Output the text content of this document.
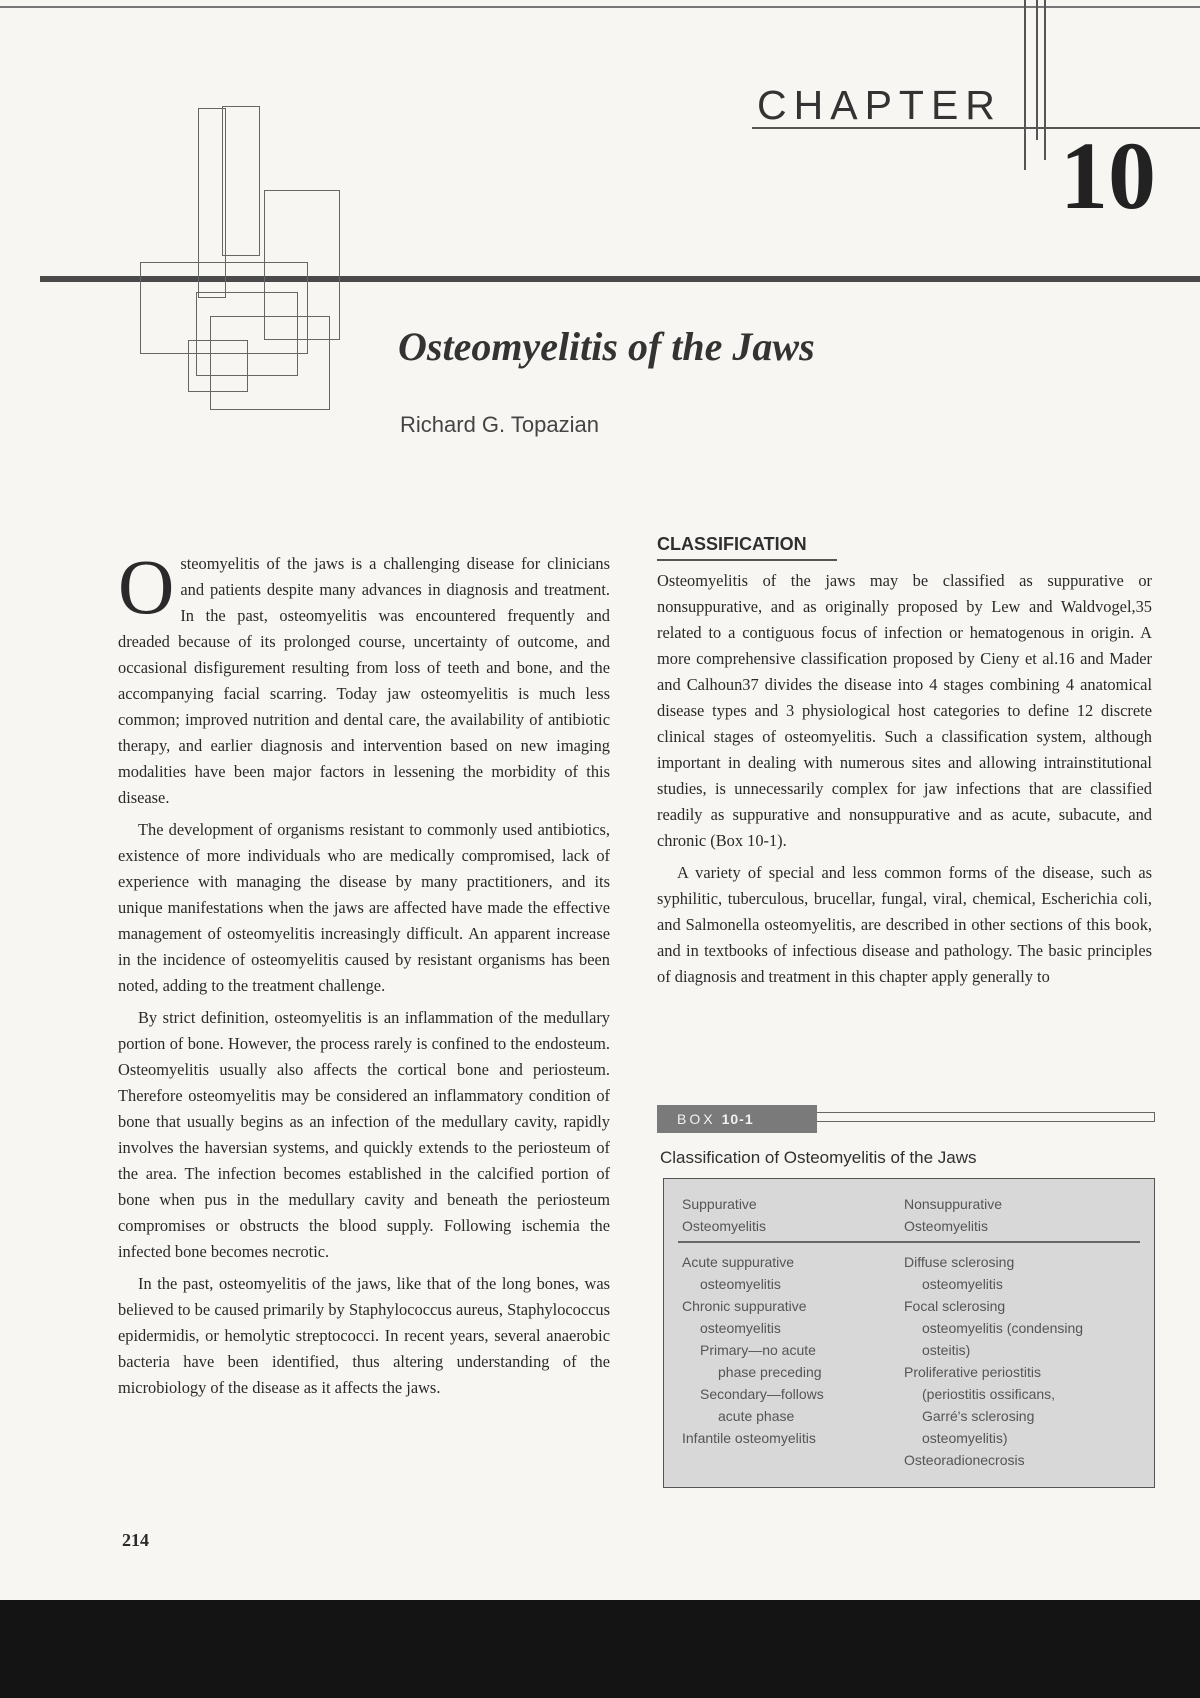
CHAPTER
10
Osteomyelitis of the Jaws
Richard G. Topazian

Osteomyelitis of the jaws is a challenging disease for clinicians and patients despite many advances in diagnosis and treatment. In the past, osteomyelitis was encountered frequently and dreaded because of its prolonged course, uncertainty of outcome, and occasional disfigurement resulting from loss of teeth and bone, and the accompanying facial scarring. Today jaw osteomyelitis is much less common; improved nutrition and dental care, the availability of antibiotic therapy, and earlier diagnosis and intervention based on new imaging modalities have been major factors in lessening the morbidity of this disease.

The development of organisms resistant to commonly used antibiotics, existence of more individuals who are medically compromised, lack of experience with managing the disease by many practitioners, and its unique manifestations when the jaws are affected have made the effective management of osteomyelitis increasingly difficult. An apparent increase in the incidence of osteomyelitis caused by resistant organisms has been noted, adding to the treatment challenge.

By strict definition, osteomyelitis is an inflammation of the medullary portion of bone. However, the process rarely is confined to the endosteum. Osteomyelitis usually also affects the cortical bone and periosteum. Therefore osteomyelitis may be considered an inflammatory condition of bone that usually begins as an infection of the medullary cavity, rapidly involves the haversian systems, and quickly extends to the periosteum of the area. The infection becomes established in the calcified portion of bone when pus in the medullary cavity and beneath the periosteum compromises or obstructs the blood supply. Following ischemia the infected bone becomes necrotic.

In the past, osteomyelitis of the jaws, like that of the long bones, was believed to be caused primarily by Staphylococcus aureus, Staphylococcus epidermidis, or hemolytic streptococci. In recent years, several anaerobic bacteria have been identified, thus altering understanding of the microbiology of the disease as it affects the jaws.

CLASSIFICATION

Osteomyelitis of the jaws may be classified as suppurative or nonsuppurative, and as originally proposed by Lew and Waldvogel,35 related to a contiguous focus of infection or hematogenous in origin. A more comprehensive classification proposed by Cieny et al.16 and Mader and Calhoun37 divides the disease into 4 stages combining 4 anatomical disease types and 3 physiological host categories to define 12 discrete clinical stages of osteomyelitis. Such a classification system, although important in dealing with numerous sites and allowing intrainstitutional studies, is unnecessarily complex for jaw infections that are classified readily as suppurative and nonsuppurative and as acute, subacute, and chronic (Box 10-1).

A variety of special and less common forms of the disease, such as syphilitic, tuberculous, brucellar, fungal, viral, chemical, Escherichia coli, and Salmonella osteomyelitis, are described in other sections of this book, and in textbooks of infectious disease and pathology. The basic principles of diagnosis and treatment in this chapter apply generally to

BOX 10-1
Classification of Osteomyelitis of the Jaws
Suppurative
Osteomyelitis
Nonsuppurative
Osteomyelitis
Acute suppurative
osteomyelitis
Chronic suppurative
osteomyelitis
Primary—no acute
phase preceding
Secondary—follows
acute phase
Infantile osteomyelitis
Diffuse sclerosing
osteomyelitis
Focal sclerosing
osteomyelitis (condensing
osteitis)
Proliferative periostitis
(periostitis ossificans,
Garré's sclerosing
osteomyelitis)
Osteoradionecrosis
214
